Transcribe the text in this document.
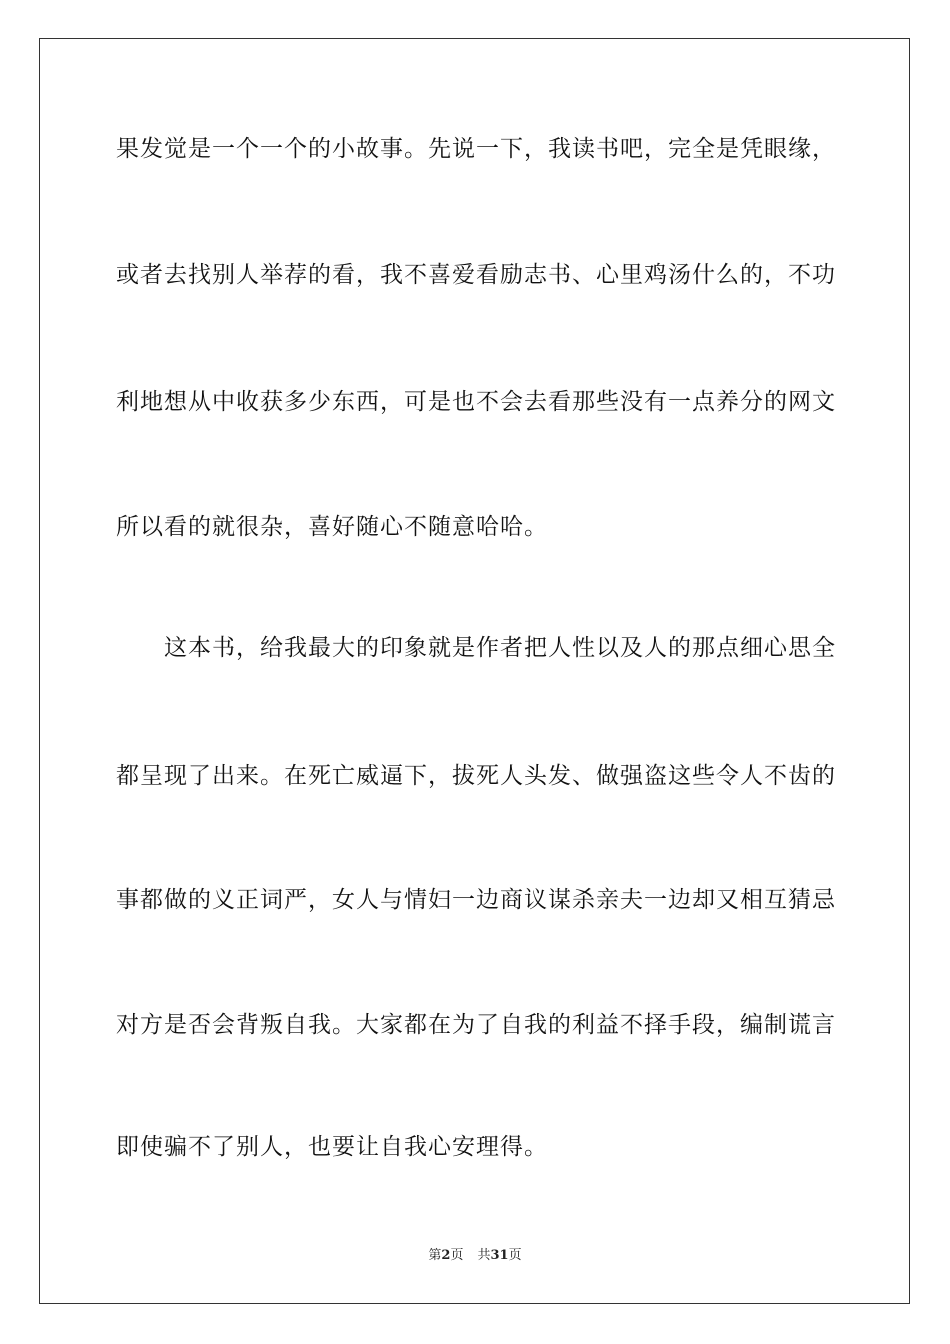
果发觉是一个一个的小故事。先说一下，我读书吧，完全是凭眼缘，
或者去找别人举荐的看，我不喜爱看励志书、心里鸡汤什么的，不功
利地想从中收获多少东西，可是也不会去看那些没有一点养分的网文
所以看的就很杂，喜好随心不随意哈哈。
这本书，给我最大的印象就是作者把人性以及人的那点细心思全
都呈现了出来。在死亡威逼下，拔死人头发、做强盗这些令人不齿的
事都做的义正词严，女人与情妇一边商议谋杀亲夫一边却又相互猜忌
对方是否会背叛自我。大家都在为了自我的利益不择手段，编制谎言
即使骗不了别人，也要让自我心安理得。
第2页 共31页
